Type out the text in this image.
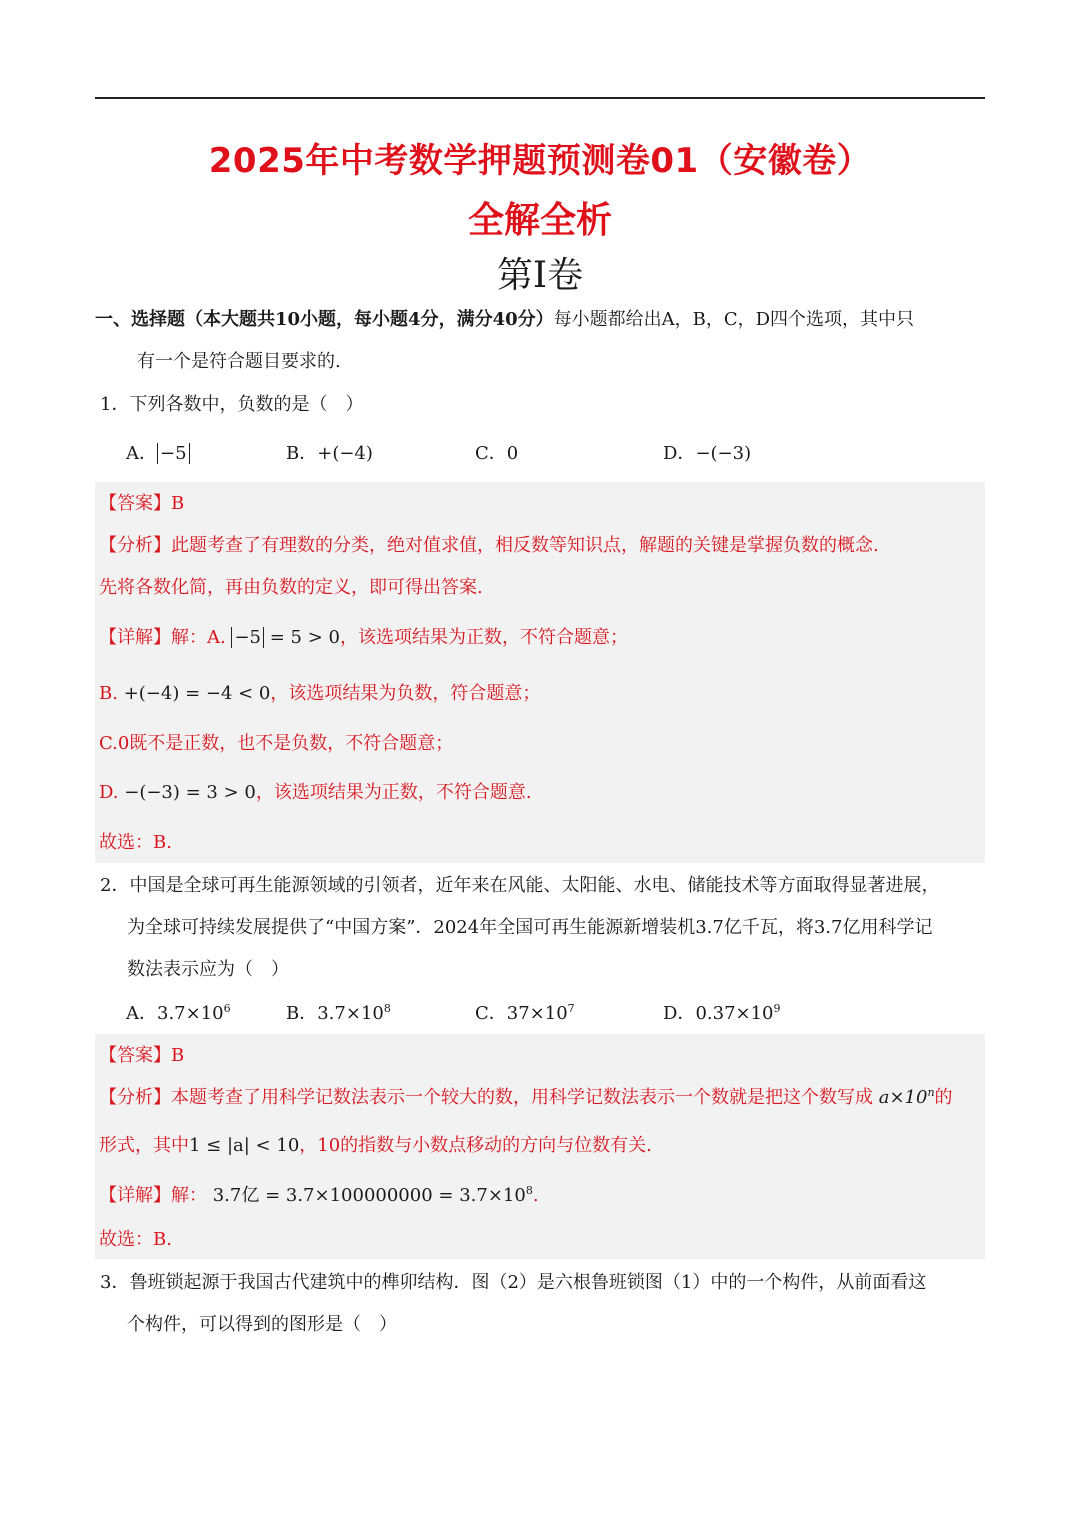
2025年中考数学押题预测卷01（安徽卷）
全解全析
第I卷
一、选择题（本大题共10小题，每小题4分，满分40分）每小题都给出A，B，C，D四个选项，其中只
有一个是符合题目要求的.
1．下列各数中，负数的是（　）
A． −5	B．+(−4)	C．0	D．−(−3)
【答案】B
【分析】此题考查了有理数的分类，绝对值求值，相反数等知识点，解题的关键是掌握负数的概念.
先将各数化简，再由负数的定义，即可得出答案.
【详解】解：A. −5 = 5 > 0，该选项结果为正数，不符合题意；
B. +(−4) = −4 < 0，该选项结果为负数，符合题意；
C.0既不是正数，也不是负数，不符合题意；
D. −(−3) = 3 > 0，该选项结果为正数，不符合题意.
故选：B.
2．中国是全球可再生能源领域的引领者，近年来在风能、太阳能、水电、储能技术等方面取得显著进展，
为全球可持续发展提供了“中国方案”．2024年全国可再生能源新增装机3.7亿千瓦，将3.7亿用科学记
数法表示应为（　）
A．$3.7\times 10^6$	B．$3.7\times 10^8$	C．$37\times 10^7$	D．$0.37\times 10^9$
【答案】B
【分析】本题考查了用科学记数法表示一个较大的数，用科学记数法表示一个数就是把这个数写成 $a\times 10^n$的
形式，其中1 ≤ |a| < 10，10的指数与小数点移动的方向与位数有关.
【详解】解： 3.7亿 = $3.7\times 100000000 = 3.7\times 10^8$.
故选：B.
3．鲁班锁起源于我国古代建筑中的榫卯结构．图（2）是六根鲁班锁图（1）中的一个构件，从前面看这
个构件，可以得到的图形是（　）
